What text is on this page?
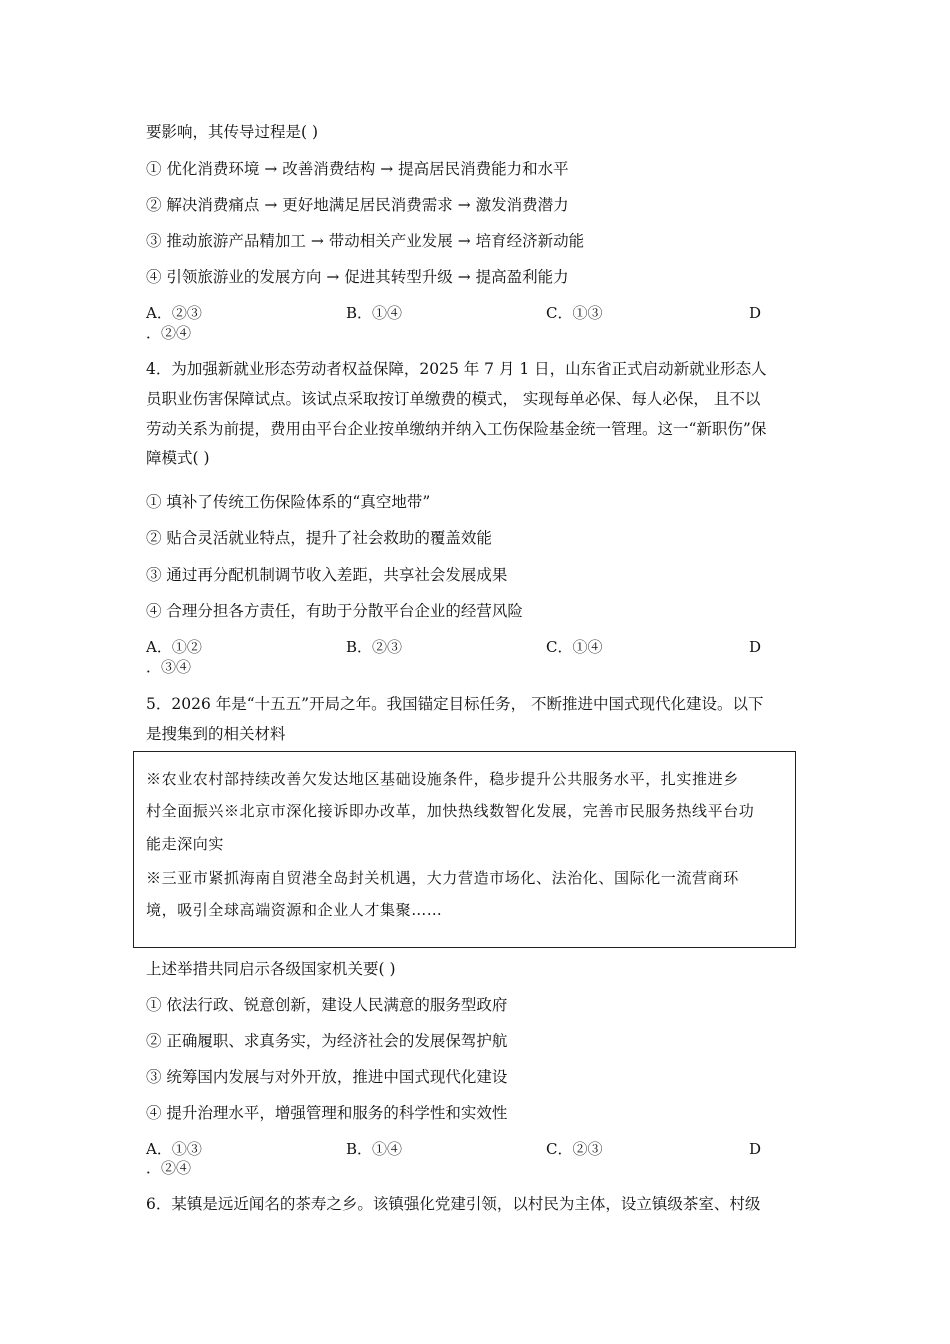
要影响，其传导过程是( )
① 优化消费环境 → 改善消费结构 → 提高居民消费能力和水平
② 解决消费痛点 → 更好地满足居民消费需求 → 激发消费潜力
③ 推动旅游产品精加工 → 带动相关产业发展 → 培育经济新动能
④ 引领旅游业的发展方向 → 促进其转型升级 → 提高盈利能力
A．②③	B．①④	C．①③	D
．②④
4．为加强新就业形态劳动者权益保障，2025 年 7 月 1 日，山东省正式启动新就业形态人
员职业伤害保障试点。该试点采取按订单缴费的模式， 实现每单必保、每人必保， 且不以
劳动关系为前提，费用由平台企业按单缴纳并纳入工伤保险基金统一管理。这一“新职伤”保
障模式( )
① 填补了传统工伤保险体系的“真空地带”
② 贴合灵活就业特点，提升了社会救助的覆盖效能
③ 通过再分配机制调节收入差距，共享社会发展成果
④ 合理分担各方责任，有助于分散平台企业的经营风险
A．①②	B．②③	C．①④	D
．③④
5．2026 年是“十五五”开局之年。我国锚定目标任务， 不断推进中国式现代化建设。以下
是搜集到的相关材料
※农业农村部持续改善欠发达地区基础设施条件，稳步提升公共服务水平，扎实推进乡
村全面振兴※北京市深化接诉即办改革，加快热线数智化发展，完善市民服务热线平台功
能走深向实
※三亚市紧抓海南自贸港全岛封关机遇，大力营造市场化、法治化、国际化一流营商环
境，吸引全球高端资源和企业人才集聚……
上述举措共同启示各级国家机关要( )
① 依法行政、锐意创新，建设人民满意的服务型政府
② 正确履职、求真务实，为经济社会的发展保驾护航
③ 统筹国内发展与对外开放，推进中国式现代化建设
④ 提升治理水平，增强管理和服务的科学性和实效性
A．①③	B．①④	C．②③	D
．②④
6．某镇是远近闻名的茶寿之乡。该镇强化党建引领，以村民为主体，设立镇级茶室、村级
